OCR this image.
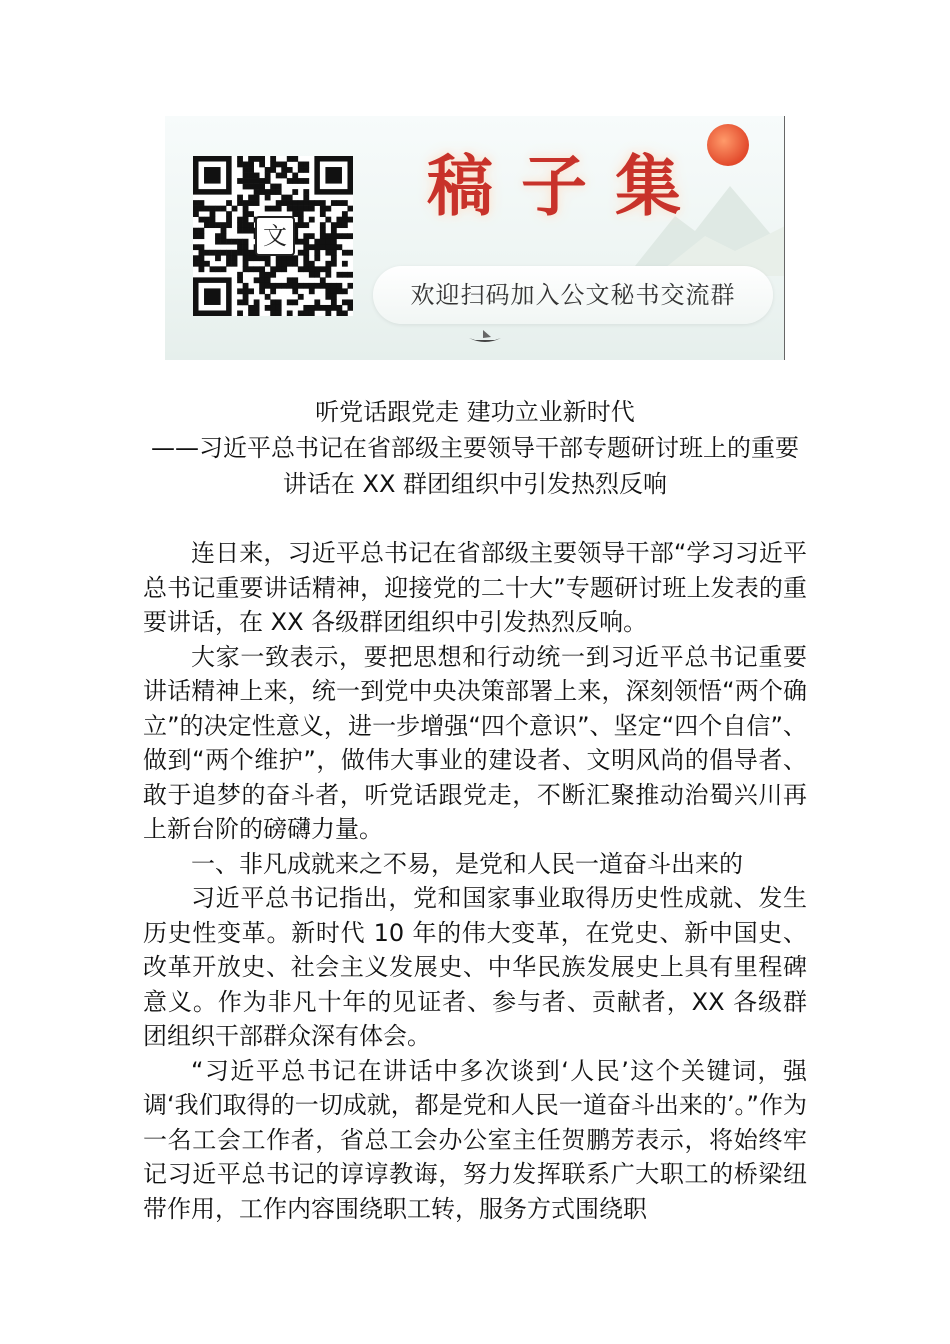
文
稿子集
欢迎扫码加入公文秘书交流群
听党话跟党走 建功立业新时代
——习近平总书记在省部级主要领导干部专题研讨班上的重要
讲话在 XX 群团组织中引发热烈反响

连日来，习近平总书记在省部级主要领导干部“学习习近平总书记重要讲话精神，迎接党的二十大”专题研讨班上发表的重要讲话，在 XX 各级群团组织中引发热烈反响。

大家一致表示，要把思想和行动统一到习近平总书记重要讲话精神上来，统一到党中央决策部署上来，深刻领悟“两个确立”的决定性意义，进一步增强“四个意识”、坚定“四个自信”、做到“两个维护”，做伟大事业的建设者、文明风尚的倡导者、敢于追梦的奋斗者，听党话跟党走，不断汇聚推动治蜀兴川再上新台阶的磅礴力量。

一、非凡成就来之不易，是党和人民一道奋斗出来的

习近平总书记指出，党和国家事业取得历史性成就、发生历史性变革。新时代 10 年的伟大变革，在党史、新中国史、改革开放史、社会主义发展史、中华民族发展史上具有里程碑意义。作为非凡十年的见证者、参与者、贡献者，XX 各级群团组织干部群众深有体会。

“习近平总书记在讲话中多次谈到‘人民’这个关键词，强调‘我们取得的一切成就，都是党和人民一道奋斗出来的’。”作为一名工会工作者，省总工会办公室主任贺鹏芳表示，将始终牢记习近平总书记的谆谆教诲，努力发挥联系广大职工的桥梁纽带作用，工作内容围绕职工转，服务方式围绕职
